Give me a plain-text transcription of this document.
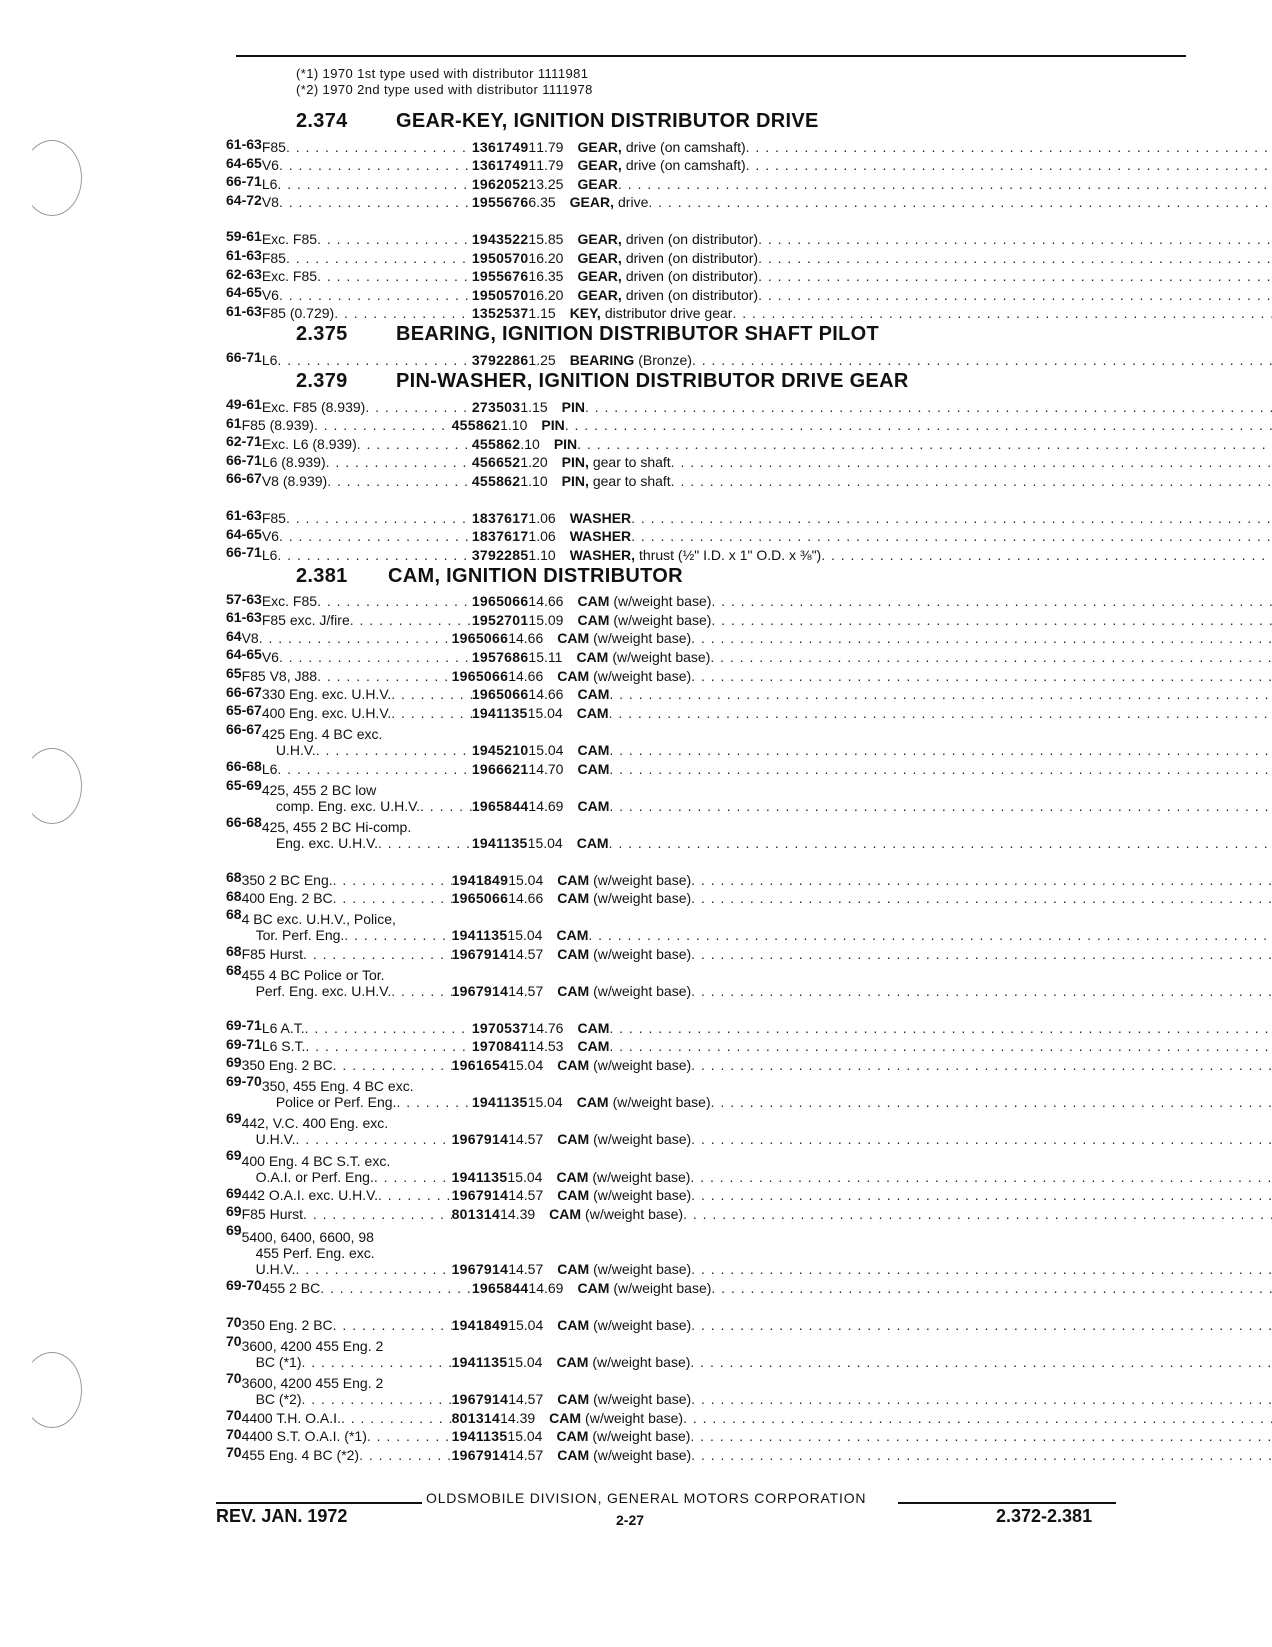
(*1) 1970 1st type used with distributor 1111981
(*2) 1970 2nd type used with distributor 1111978
2.374	GEAR-KEY, IGNITION DISTRIBUTOR DRIVE
61-63 F85 . . .	1361749 1 1.79 GEAR, drive (on camshaft)
. . .
64-65 V6 . . .	1361749 1 1.79 GEAR, drive (on camshaft)
. . .
66-71 L6 . . .	1962052 1 3.25 GEAR
. . .
64-72 V8 . . .	1955676 6.35 GEAR, drive
. . .
59-61 Exc. F85 . . .	1943522 1 5.85 GEAR, driven (on distributor)
. . .
61-63 F85 . . .	1950570 1 6.20 GEAR, driven (on distributor)
. . .
62-63 Exc. F85 . . .	1955676 1 6.35 GEAR, driven (on distributor)
. . .
64-65 V6 . . .	1950570 1 6.20 GEAR, driven (on distributor)
. . .
61-63 F85 (0.729) . . .	1352537 1 .15 KEY, distributor drive gear
. . .
2.375	BEARING, IGNITION DISTRIBUTOR SHAFT PILOT
66-71 L6 . . .	3792286 1 .25 BEARING (Bronze)
. . .
2.379	PIN-WASHER, IGNITION DISTRIBUTOR DRIVE GEAR
49-61 Exc. F85 (8.939) . . .	273503 1 .15 PIN
. . .
61 F85 (8.939) . . .	455862 1 .10 PIN
. . .
62-71 Exc. L6 (8.939) . . .	455862 .10 PIN
. . .
66-71 L6 (8.939) . . .	456652 1 .20 PIN, gear to shaft
. . .
66-67 V8 (8.939) . . .	455862 1 .10 PIN, gear to shaft
. . .
61-63 F85 . . .	1837617 1 .06 WASHER
. . .
64-65 V6 . . .	1837617 1 .06 WASHER
. . .
66-71 L6 . . .	3792285 1 .10 WASHER, thrust (½" I.D. x 1" O.D. x ⅜")
. . .
2.381	CAM, IGNITION DISTRIBUTOR
57-63 Exc. F85 . . .	1965066 1 4.66 CAM (w/weight base)
. . .
61-63 F85 exc. J/fire . . .	1952701 1 5.09 CAM (w/weight base)
. . .
64 V8 . . .	1965066 1 4.66 CAM (w/weight base)
. . .
64-65 V6 . . .	1957686 1 5.11 CAM (w/weight base)
. . .
65 F85 V8, J88 . . .	1965066 1 4.66 CAM (w/weight base)
. . .
66-67 330 Eng. exc. U.H.V. . . .	1965066 1 4.66 CAM
. . .
65-67 400 Eng. exc. U.H.V. . . .	1941135 1 5.04 CAM
. . .
66-67 425 Eng. 4 BC exc.
U.H.V. . . .	1945210 1 5.04 CAM
. . .
66-68 L6 . . .	1966621 1 4.70 CAM
. . .
65-69 425, 455 2 BC low
comp. Eng. exc. U.H.V. . . .	1965844 1 4.69 CAM
. . .
66-68 425, 455 2 BC Hi-comp.
Eng. exc. U.H.V. . . .	1941135 1 5.04 CAM
. . .
68 350 2 BC Eng. . . .	1941849 1 5.04 CAM (w/weight base)
. . .
68 400 Eng. 2 BC . . .	1965066 1 4.66 CAM (w/weight base)
. . .
68 4 BC exc. U.H.V., Police,
Tor. Perf. Eng. . . .	1941135 1 5.04 CAM
. . .
68 F85 Hurst . . .	1967914 1 4.57 CAM (w/weight base)
. . .
68 455 4 BC Police or Tor.
Perf. Eng. exc. U.H.V. . . .	1967914 1 4.57 CAM (w/weight base)
. . .
69-71 L6 A.T. . . .	1970537 1 4.76 CAM
. . .
69-71 L6 S.T. . . .	1970841 1 4.53 CAM
. . .
69 350 Eng. 2 BC . . .	1961654 1 5.04 CAM (w/weight base)
. . .
69-70 350, 455 Eng. 4 BC exc.
Police or Perf. Eng. . . .	1941135 1 5.04 CAM (w/weight base)
. . .
69 442, V.C. 400 Eng. exc.
U.H.V. . . .	1967914 1 4.57 CAM (w/weight base)
. . .
69 400 Eng. 4 BC S.T. exc.
O.A.I. or Perf. Eng. . . .	1941135 1 5.04 CAM (w/weight base)
. . .
69 442 O.A.I. exc. U.H.V. . . .	1967914 1 4.57 CAM (w/weight base)
. . .
69 F85 Hurst . . .	801314 1 4.39 CAM (w/weight base)
. . .
69 5400, 6400, 6600, 98
455 Perf. Eng. exc.
U.H.V. . . .	1967914 1 4.57 CAM (w/weight base)
. . .
69-70 455 2 BC . . .	1965844 1 4.69 CAM (w/weight base)
. . .
70 350 Eng. 2 BC . . .	1941849 1 5.04 CAM (w/weight base)
. . .
70 3600, 4200 455 Eng. 2
BC (*1) . . .	1941135 1 5.04 CAM (w/weight base)
. . .
70 3600, 4200 455 Eng. 2
BC (*2) . . .	1967914 1 4.57 CAM (w/weight base)
. . .
70 4400 T.H. O.A.I. . . .	801314 1 4.39 CAM (w/weight base)
. . .
70 4400 S.T. O.A.I. (*1) . . .	1941135 1 5.04 CAM (w/weight base)
. . .
70 455 Eng. 4 BC (*2) . . .	1967914 1 4.57 CAM (w/weight base)
. . .
OLDSMOBILE DIVISION, GENERAL MOTORS CORPORATION
REV. JAN. 1972	2-27	2.372-2.381
